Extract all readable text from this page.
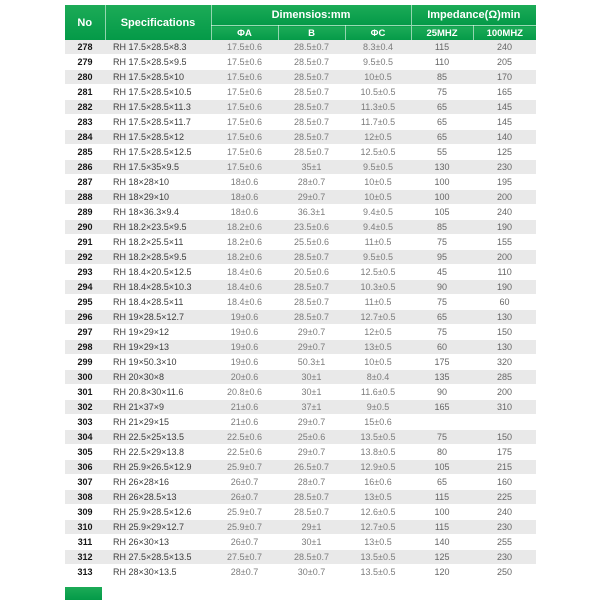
No	Specifications	Dimensios:mm			Impedance(Ω)min	
		ΦA	B	ΦC	25MHZ	100MHZ
278	RH 17.5×28.5×8.3	17.5±0.6	28.5±0.7	8.3±0.4	115	240
279	RH 17.5×28.5×9.5	17.5±0.6	28.5±0.7	9.5±0.5	110	205
280	RH 17.5×28.5×10	17.5±0.6	28.5±0.7	10±0.5	85	170
281	RH 17.5×28.5×10.5	17.5±0.6	28.5±0.7	10.5±0.5	75	165
282	RH 17.5×28.5×11.3	17.5±0.6	28.5±0.7	11.3±0.5	65	145
283	RH 17.5×28.5×11.7	17.5±0.6	28.5±0.7	11.7±0.5	65	145
284	RH 17.5×28.5×12	17.5±0.6	28.5±0.7	12±0.5	65	140
285	RH 17.5×28.5×12.5	17.5±0.6	28.5±0.7	12.5±0.5	55	125
286	RH 17.5×35×9.5	17.5±0.6	35±1	9.5±0.5	130	230
287	RH 18×28×10	18±0.6	28±0.7	10±0.5	100	195
288	RH 18×29×10	18±0.6	29±0.7	10±0.5	100	200
289	RH 18×36.3×9.4	18±0.6	36.3±1	9.4±0.5	105	240
290	RH 18.2×23.5×9.5	18.2±0.6	23.5±0.6	9.4±0.5	85	190
291	RH 18.2×25.5×11	18.2±0.6	25.5±0.6	11±0.5	75	155
292	RH 18.2×28.5×9.5	18.2±0.6	28.5±0.7	9.5±0.5	95	200
293	RH 18.4×20.5×12.5	18.4±0.6	20.5±0.6	12.5±0.5	45	110
294	RH 18.4×28.5×10.3	18.4±0.6	28.5±0.7	10.3±0.5	90	190
295	RH 18.4×28.5×11	18.4±0.6	28.5±0.7	11±0.5	75	60
296	RH 19×28.5×12.7	19±0.6	28.5±0.7	12.7±0.5	65	130
297	RH 19×29×12	19±0.6	29±0.7	12±0.5	75	150
298	RH 19×29×13	19±0.6	29±0.7	13±0.5	60	130
299	RH 19×50.3×10	19±0.6	50.3±1	10±0.5	175	320
300	RH 20×30×8	20±0.6	30±1	8±0.4	135	285
301	RH 20.8×30×11.6	20.8±0.6	30±1	11.6±0.5	90	200
302	RH 21×37×9	21±0.6	37±1	9±0.5	165	310
303	RH 21×29×15	21±0.6	29±0.7	15±0.6		
304	RH 22.5×25×13.5	22.5±0.6	25±0.6	13.5±0.5	75	150
305	RH 22.5×29×13.8	22.5±0.6	29±0.7	13.8±0.5	80	175
306	RH 25.9×26.5×12.9	25.9±0.7	26.5±0.7	12.9±0.5	105	215
307	RH 26×28×16	26±0.7	28±0.7	16±0.6	65	160
308	RH 26×28.5×13	26±0.7	28.5±0.7	13±0.5	115	225
309	RH 25.9×28.5×12.6	25.9±0.7	28.5±0.7	12.6±0.5	100	240
310	RH 25.9×29×12.7	25.9±0.7	29±1	12.7±0.5	115	230
311	RH 26×30×13	26±0.7	30±1	13±0.5	140	255
312	RH 27.5×28.5×13.5	27.5±0.7	28.5±0.7	13.5±0.5	125	230
313	RH 28×30×13.5	28±0.7	30±0.7	13.5±0.5	120	250
